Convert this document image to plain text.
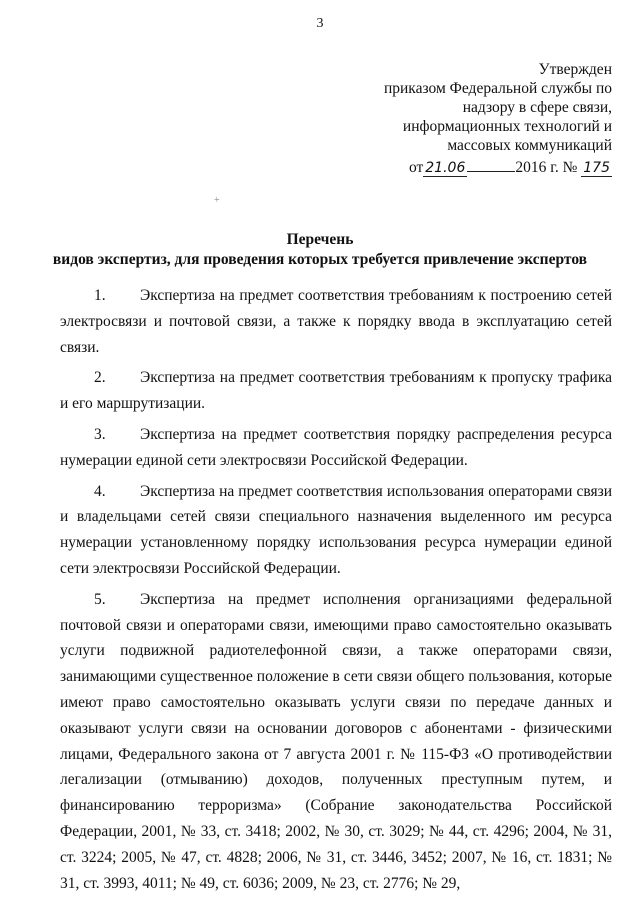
3
Утвержден
приказом Федеральной службы по
надзору в сфере связи,
информационных технологий и
массовых коммуникаций
от 21.06	2016 г. № 175
+
Перечень
видов экспертиз, для проведения которых требуется привлечение экспертов

1. Экспертиза на предмет соответствия требованиям к построению сетей электросвязи и почтовой связи, а также к порядку ввода в эксплуатацию сетей связи.

2. Экспертиза на предмет соответствия требованиям к пропуску трафика и его маршрутизации.

3. Экспертиза на предмет соответствия порядку распределения ресурса нумерации единой сети электросвязи Российской Федерации.

4. Экспертиза на предмет соответствия использования операторами связи и владельцами сетей связи специального назначения выделенного им ресурса нумерации установленному порядку использования ресурса нумерации единой сети электросвязи Российской Федерации.

5. Экспертиза на предмет исполнения организациями федеральной почтовой связи и операторами связи, имеющими право самостоятельно оказывать услуги подвижной радиотелефонной связи, а также операторами связи, занимающими существенное положение в сети связи общего пользования, которые имеют право самостоятельно оказывать услуги связи по передаче данных и оказывают услуги связи на основании договоров с абонентами - физическими лицами, Федерального закона от 7 августа 2001 г. № 115-ФЗ «О противодействии легализации (отмыванию) доходов, полученных преступным путем, и финансированию терроризма» (Собрание законодательства Российской Федерации, 2001, № 33, ст. 3418; 2002, № 30, ст. 3029; № 44, ст. 4296; 2004, № 31, ст. 3224; 2005, № 47, ст. 4828; 2006, № 31, ст. 3446, 3452; 2007, № 16, ст. 1831; № 31, ст. 3993, 4011; № 49, ст. 6036; 2009, № 23, ст. 2776; № 29,
